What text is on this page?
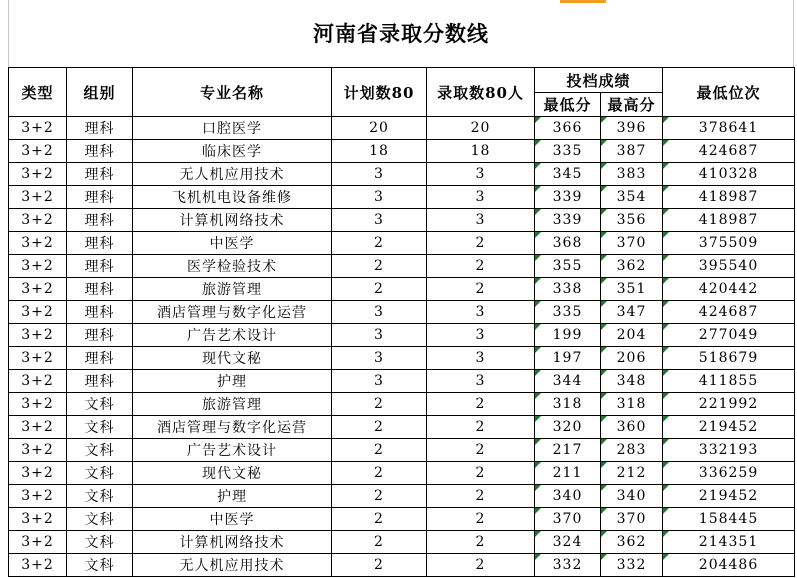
河南省录取分数线
类型	组别	专业名称	计划数80	录取数80人	投档成绩		最低位次
					最低分	最高分	
3+2	理科	口腔医学	20	20	366	396	378641
3+2	理科	临床医学	18	18	335	387	424687
3+2	理科	无人机应用技术	3	3	345	383	410328
3+2	理科	飞机机电设备维修	3	3	339	354	418987
3+2	理科	计算机网络技术	3	3	339	356	418987
3+2	理科	中医学	2	2	368	370	375509
3+2	理科	医学检验技术	2	2	355	362	395540
3+2	理科	旅游管理	2	2	338	351	420442
3+2	理科	酒店管理与数字化运营	3	3	335	347	424687
3+2	理科	广告艺术设计	3	3	199	204	277049
3+2	理科	现代文秘	3	3	197	206	518679
3+2	理科	护理	3	3	344	348	411855
3+2	文科	旅游管理	2	2	318	318	221992
3+2	文科	酒店管理与数字化运营	2	2	320	360	219452
3+2	文科	广告艺术设计	2	2	217	283	332193
3+2	文科	现代文秘	2	2	211	212	336259
3+2	文科	护理	2	2	340	340	219452
3+2	文科	中医学	2	2	370	370	158445
3+2	文科	计算机网络技术	2	2	324	362	214351
3+2	文科	无人机应用技术	2	2	332	332	204486
